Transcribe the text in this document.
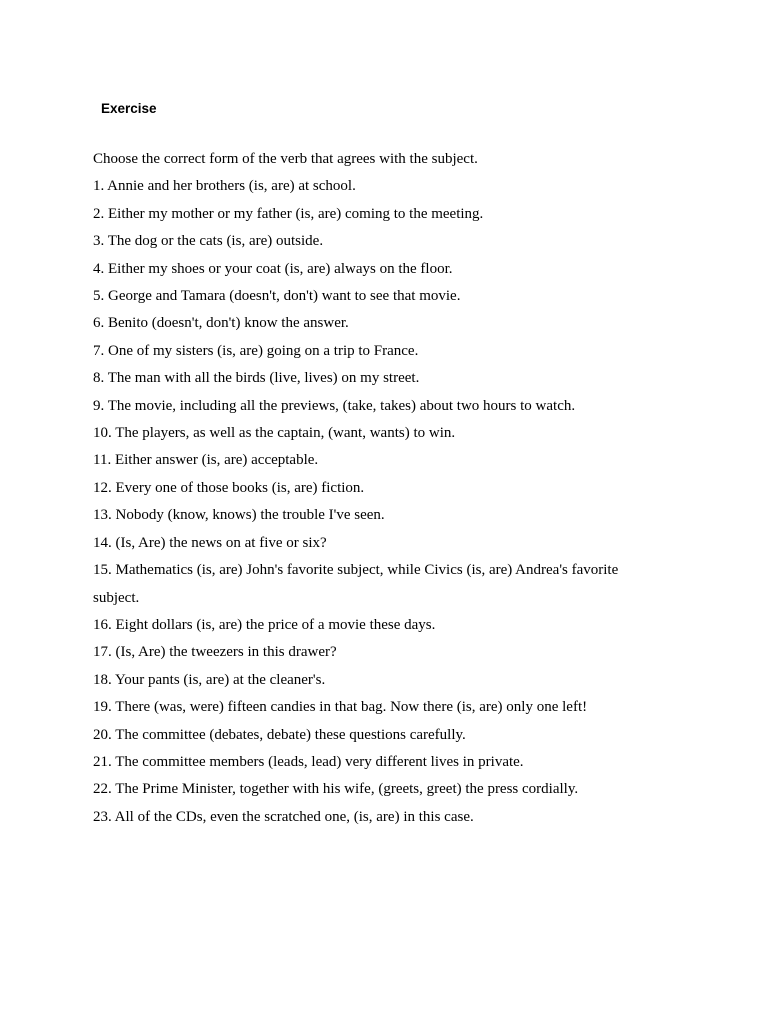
Exercise
Choose the correct form of the verb that agrees with the subject.
1. Annie and her brothers (is, are) at school.
2. Either my mother or my father (is, are) coming to the meeting.
3. The dog or the cats (is, are) outside.
4. Either my shoes or your coat (is, are) always on the floor.
5. George and Tamara (doesn't, don't) want to see that movie.
6. Benito (doesn't, don't) know the answer.
7. One of my sisters (is, are) going on a trip to France.
8. The man with all the birds (live, lives) on my street.
9. The movie, including all the previews, (take, takes) about two hours to watch.
10. The players, as well as the captain, (want, wants) to win.
11. Either answer (is, are) acceptable.
12. Every one of those books (is, are) fiction.
13. Nobody (know, knows) the trouble I've seen.
14. (Is, Are) the news on at five or six?
15. Mathematics (is, are) John's favorite subject, while Civics (is, are) Andrea's favorite
subject.
16. Eight dollars (is, are) the price of a movie these days.
17. (Is, Are) the tweezers in this drawer?
18. Your pants (is, are) at the cleaner's.
19. There (was, were) fifteen candies in that bag. Now there (is, are) only one left!
20. The committee (debates, debate) these questions carefully.
21. The committee members (leads, lead) very different lives in private.
22. The Prime Minister, together with his wife, (greets, greet) the press cordially.
23. All of the CDs, even the scratched one, (is, are) in this case.
